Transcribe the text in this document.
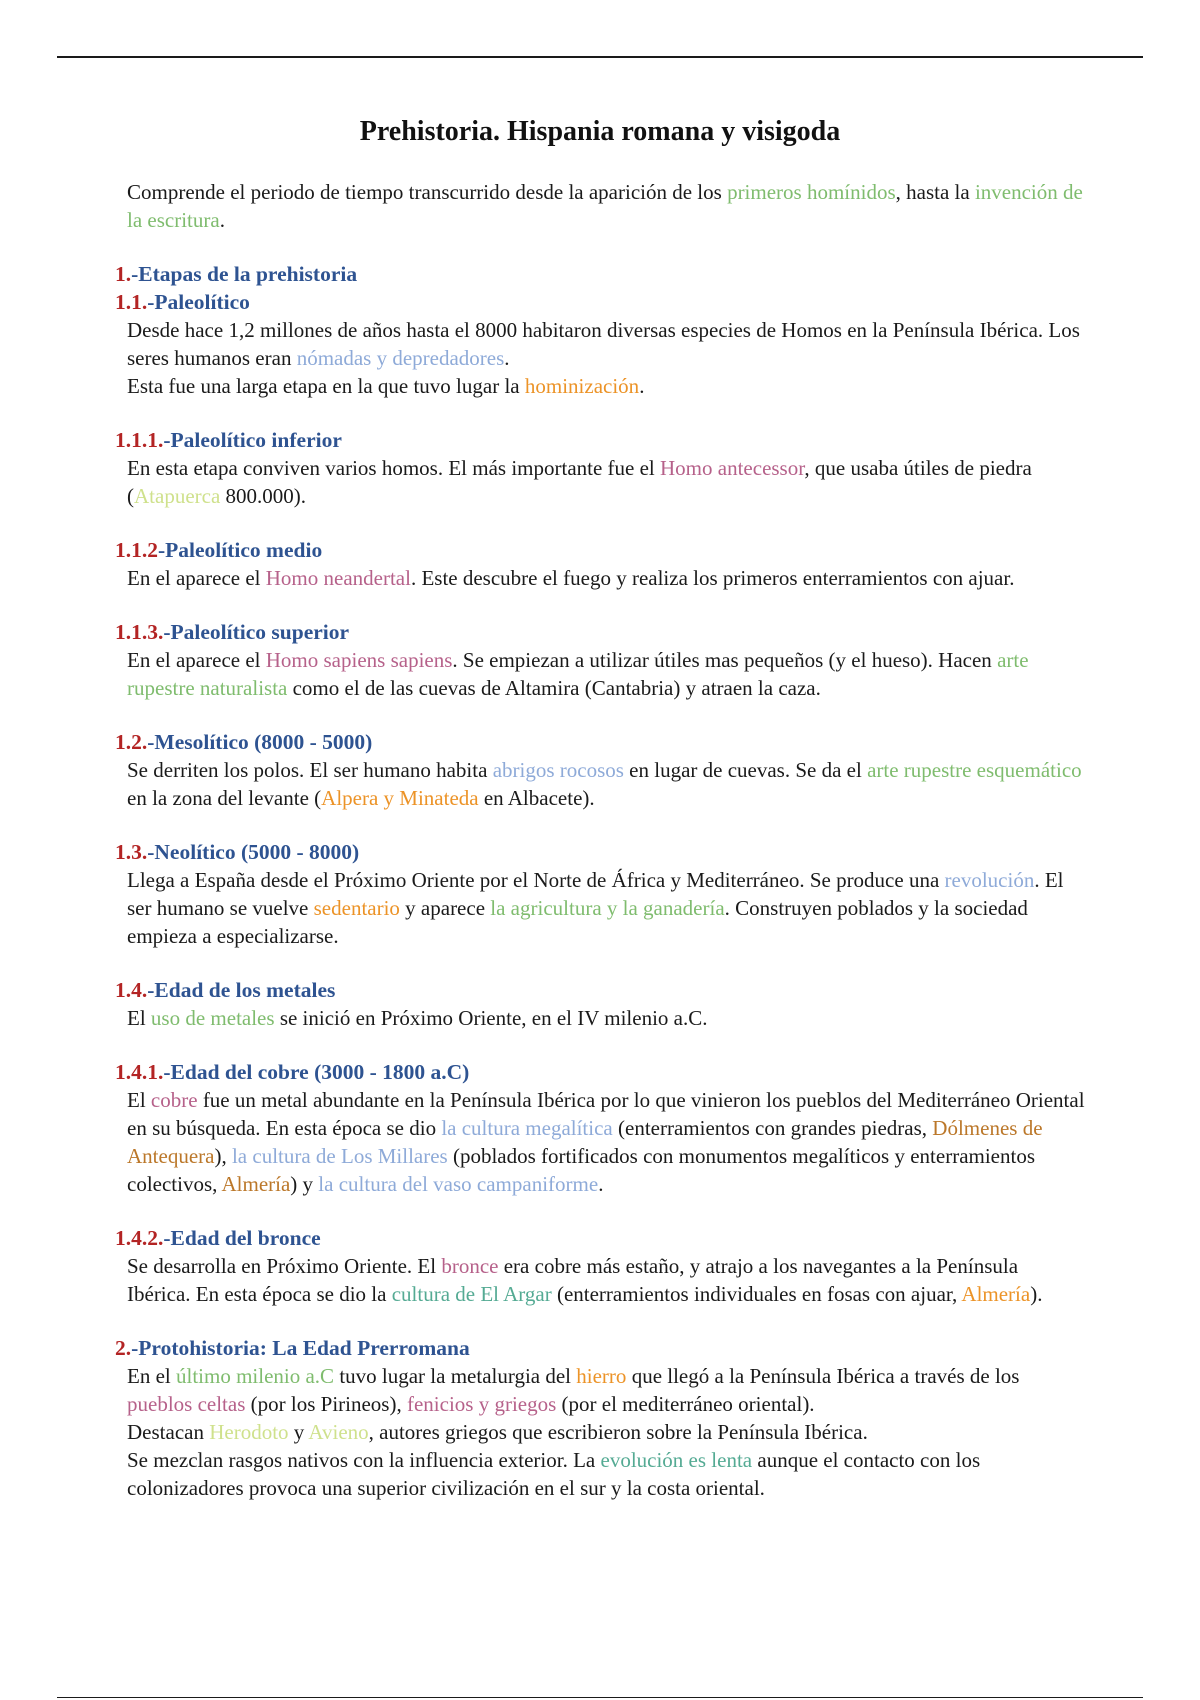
Prehistoria. Hispania romana y visigoda

Comprende el periodo de tiempo transcurrido desde la aparición de los primeros homínidos, hasta la invención de la escritura.

1.-Etapas de la prehistoria
1.1.-Paleolítico

Desde hace 1,2 millones de años hasta el 8000 habitaron diversas especies de Homos en la Península Ibérica. Los seres humanos eran nómadas y depredadores.

Esta fue una larga etapa en la que tuvo lugar la hominización.

1.1.1.-Paleolítico inferior

En esta etapa conviven varios homos. El más importante fue el Homo antecessor, que usaba útiles de piedra (Atapuerca 800.000).

1.1.2-Paleolítico medio

En el aparece el Homo neandertal. Este descubre el fuego y realiza los primeros enterramientos con ajuar.

1.1.3.-Paleolítico superior

En el aparece el Homo sapiens sapiens. Se empiezan a utilizar útiles mas pequeños (y el hueso). Hacen arte rupestre naturalista como el de las cuevas de Altamira (Cantabria) y atraen la caza.

1.2.-Mesolítico (8000 - 5000)

Se derriten los polos. El ser humano habita abrigos rocosos en lugar de cuevas. Se da el arte rupestre esquemático en la zona del levante (Alpera y Minateda en Albacete).

1.3.-Neolítico (5000 - 8000)

Llega a España desde el Próximo Oriente por el Norte de África y Mediterráneo. Se produce una revolución. El ser humano se vuelve sedentario y aparece la agricultura y la ganadería. Construyen poblados y la sociedad empieza a especializarse.

1.4.-Edad de los metales

El uso de metales se inició en Próximo Oriente, en el IV milenio a.C.

1.4.1.-Edad del cobre (3000 - 1800 a.C)

El cobre fue un metal abundante en la Península Ibérica por lo que vinieron los pueblos del Mediterráneo Oriental en su búsqueda. En esta época se dio la cultura megalítica (enterramientos con grandes piedras, Dólmenes de Antequera), la cultura de Los Millares (poblados fortificados con monumentos megalíticos y enterramientos colectivos, Almería) y la cultura del vaso campaniforme.

1.4.2.-Edad del bronce

Se desarrolla en Próximo Oriente. El bronce era cobre más estaño, y atrajo a los navegantes a la Península Ibérica. En esta época se dio la cultura de El Argar (enterramientos individuales en fosas con ajuar, Almería).

2.-Protohistoria: La Edad Prerromana

En el último milenio a.C tuvo lugar la metalurgia del hierro que llegó a la Península Ibérica a través de los pueblos celtas (por los Pirineos), fenicios y griegos (por el mediterráneo oriental).

Destacan Herodoto y Avieno, autores griegos que escribieron sobre la Península Ibérica.

Se mezclan rasgos nativos con la influencia exterior. La evolución es lenta aunque el contacto con los colonizadores provoca una superior civilización en el sur y la costa oriental.
